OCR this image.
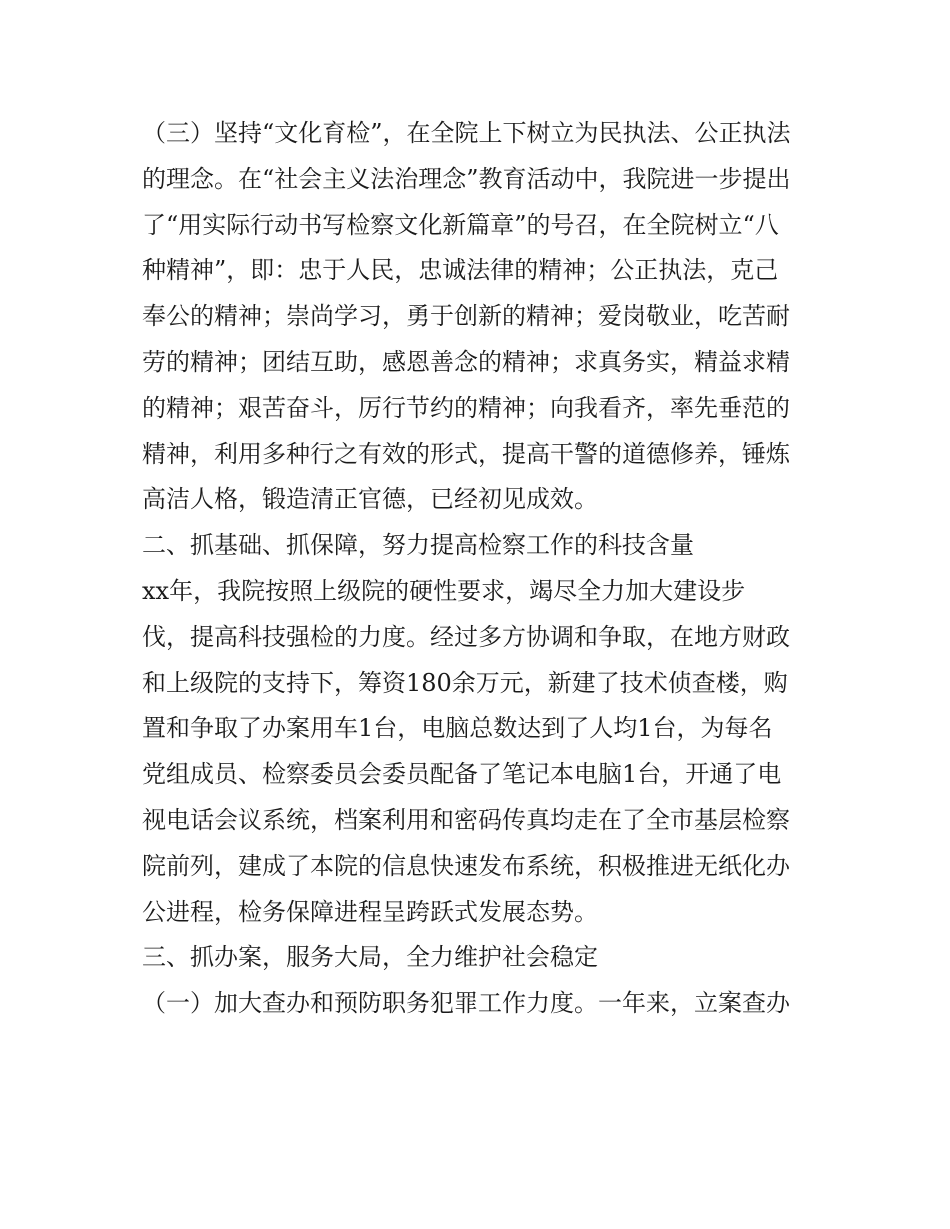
（三）坚持“文化育检”，在全院上下树立为民执法、公正执法
的理念。在“社会主义法治理念”教育活动中，我院进一步提出
了“用实际行动书写检察文化新篇章”的号召，在全院树立“八
种精神”，即：忠于人民，忠诚法律的精神；公正执法，克己
奉公的精神；崇尚学习，勇于创新的精神；爱岗敬业，吃苦耐
劳的精神；团结互助，感恩善念的精神；求真务实，精益求精
的精神；艰苦奋斗，厉行节约的精神；向我看齐，率先垂范的
精神，利用多种行之有效的形式，提高干警的道德修养，锤炼
高洁人格，锻造清正官德，已经初见成效。
二、抓基础、抓保障，努力提高检察工作的科技含量
xx年，我院按照上级院的硬性要求，竭尽全力加大建设步
伐，提高科技强检的力度。经过多方协调和争取，在地方财政
和上级院的支持下，筹资180余万元，新建了技术侦查楼，购
置和争取了办案用车1台，电脑总数达到了人均1台，为每名
党组成员、检察委员会委员配备了笔记本电脑1台，开通了电
视电话会议系统，档案利用和密码传真均走在了全市基层检察
院前列，建成了本院的信息快速发布系统，积极推进无纸化办
公进程，检务保障进程呈跨跃式发展态势。
三、抓办案，服务大局，全力维护社会稳定
（一）加大查办和预防职务犯罪工作力度。一年来，立案查办
